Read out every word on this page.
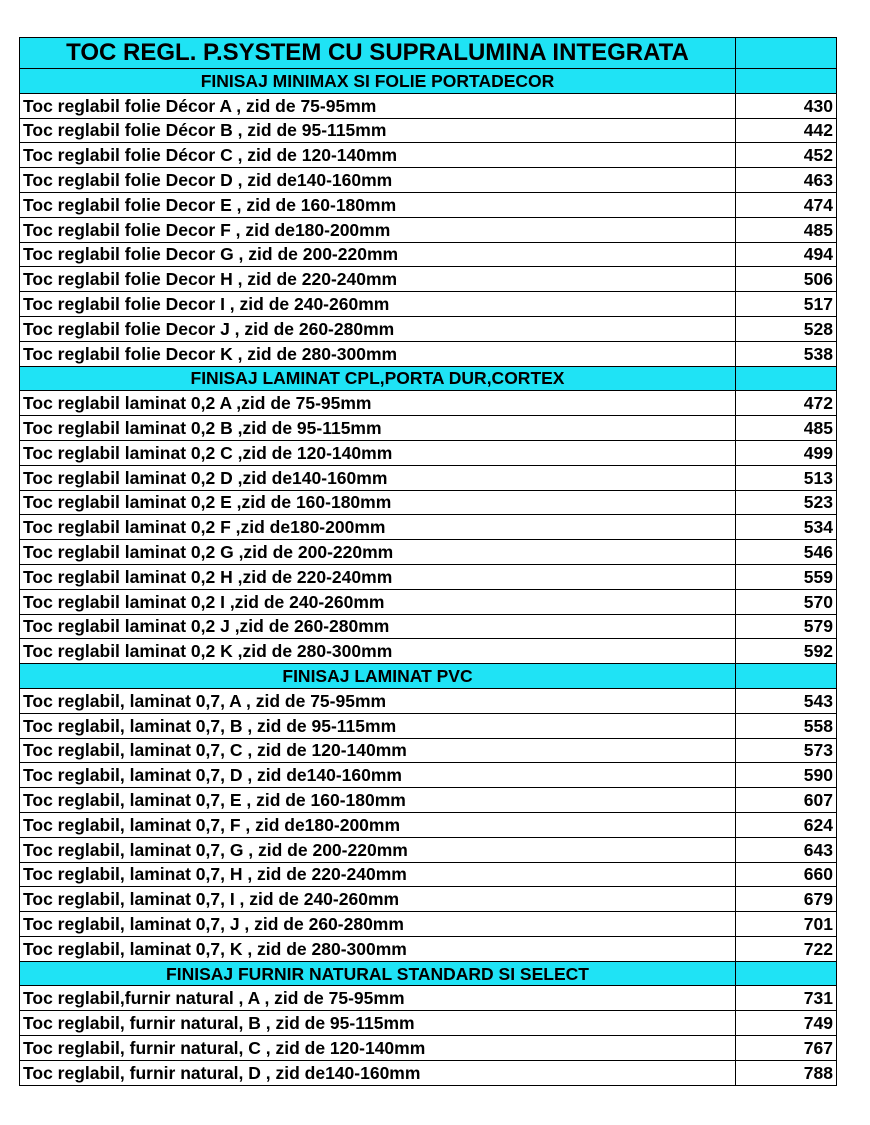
TOC REGL. P.SYSTEM CU SUPRALUMINA INTEGRATA	
FINISAJ MINIMAX SI FOLIE PORTADECOR	
Toc reglabil folie Décor A , zid de 75-95mm	430
Toc reglabil folie Décor B , zid de 95-115mm	442
Toc reglabil folie Décor C , zid de 120-140mm	452
Toc reglabil folie Decor D , zid de140-160mm	463
Toc reglabil folie Decor E , zid de 160-180mm	474
Toc reglabil folie Decor F , zid de180-200mm	485
Toc reglabil folie Decor G , zid de 200-220mm	494
Toc reglabil folie Decor H , zid de 220-240mm	506
Toc reglabil folie Decor I , zid de 240-260mm	517
Toc reglabil folie Decor J , zid de 260-280mm	528
Toc reglabil folie Decor K , zid de 280-300mm	538
FINISAJ LAMINAT CPL,PORTA DUR,CORTEX	
Toc reglabil laminat 0,2 A ,zid de 75-95mm	472
Toc reglabil laminat 0,2 B ,zid de 95-115mm	485
Toc reglabil laminat 0,2 C ,zid de 120-140mm	499
Toc reglabil laminat 0,2 D ,zid de140-160mm	513
Toc reglabil laminat 0,2 E ,zid de 160-180mm	523
Toc reglabil laminat 0,2 F ,zid de180-200mm	534
Toc reglabil laminat 0,2 G ,zid de 200-220mm	546
Toc reglabil laminat 0,2 H ,zid de 220-240mm	559
Toc reglabil laminat 0,2 I ,zid de 240-260mm	570
Toc reglabil laminat 0,2 J ,zid de 260-280mm	579
Toc reglabil laminat 0,2 K ,zid de 280-300mm	592
FINISAJ LAMINAT PVC	
Toc reglabil, laminat 0,7, A , zid de 75-95mm	543
Toc reglabil, laminat 0,7, B , zid de 95-115mm	558
Toc reglabil, laminat 0,7, C , zid de 120-140mm	573
Toc reglabil, laminat 0,7, D , zid de140-160mm	590
Toc reglabil, laminat 0,7, E , zid de 160-180mm	607
Toc reglabil, laminat 0,7, F , zid de180-200mm	624
Toc reglabil, laminat 0,7, G , zid de 200-220mm	643
Toc reglabil, laminat 0,7, H , zid de 220-240mm	660
Toc reglabil, laminat 0,7, I , zid de 240-260mm	679
Toc reglabil, laminat 0,7, J , zid de 260-280mm	701
Toc reglabil, laminat 0,7, K , zid de 280-300mm	722
FINISAJ FURNIR NATURAL STANDARD SI SELECT	
Toc reglabil,furnir natural , A , zid de 75-95mm	731
Toc reglabil, furnir natural, B , zid de 95-115mm	749
Toc reglabil, furnir natural, C , zid de 120-140mm	767
Toc reglabil, furnir natural, D , zid de140-160mm	788
